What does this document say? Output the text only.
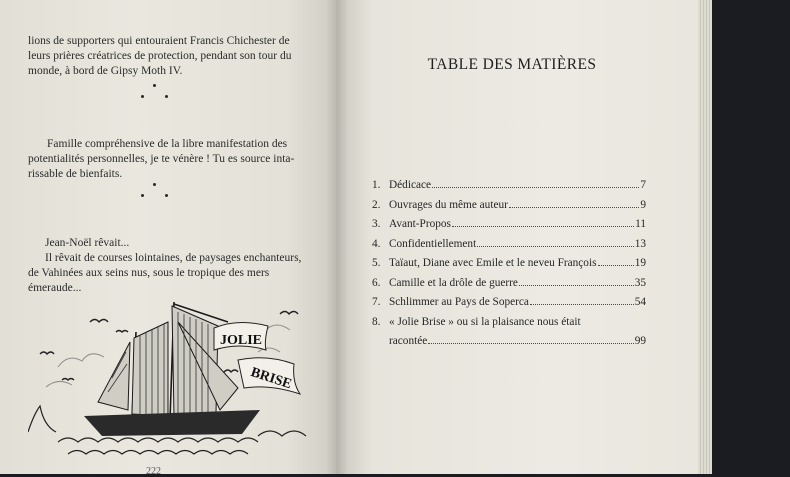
lions de supporters qui entouraient Francis Chichester de
leurs prières créatrices de protection, pendant son tour du
monde, à bord de Gipsy Moth IV.
Famille compréhensive de la libre manifestation des
potentialités personnelles, je te vénère ! Tu es source inta-
rissable de bienfaits.
Jean-Noël rêvait...
Il rêvait de courses lointaines, de paysages enchanteurs,
de Vahinées aux seins nus, sous le tropique des mers
émeraude...
JOLIE
BRISE
222
TABLE DES MATIÈRES
1. Dédicace	7
2. Ouvrages du même auteur	9
3. Avant-Propos	11
4. Confidentiellement	13
5. Taïaut, Diane avec Emile et le neveu François	19
6. Camille et la drôle de guerre	35
7. Schlimmer au Pays de Soperca	54
8. « Jolie Brise » ou si la plaisance nous était
racontée	99
